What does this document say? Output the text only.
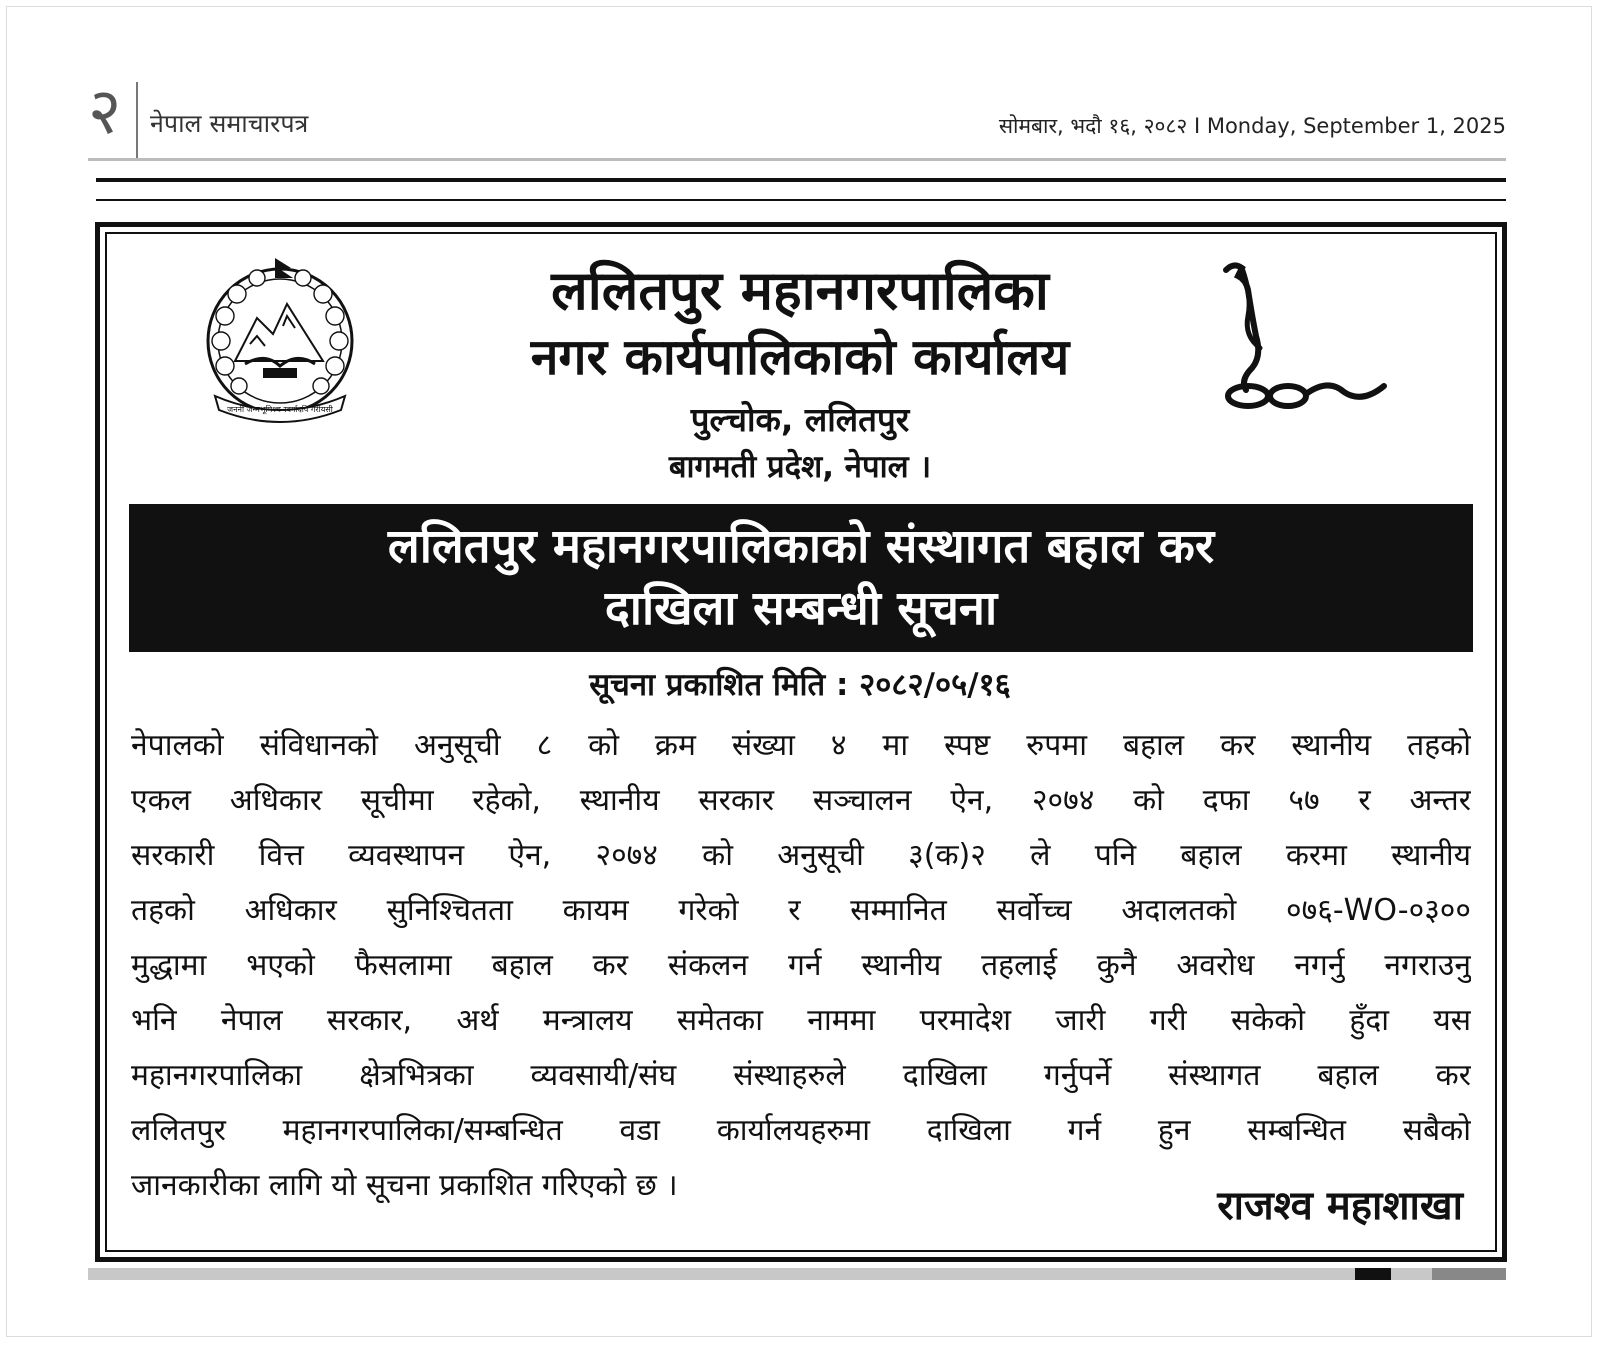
२ नेपाल समाचारपत्र	सोमबार, भदौ १६, २०८२ I Monday, September 1, 2025
जननी जन्मभूमिश्च स्वर्गादपि गरीयसी
ललितपुर महानगरपालिका
नगर कार्यपालिकाको कार्यालय
पुल्चोक, ललितपुर
बागमती प्रदेश, नेपाल ।
ललितपुर महानगरपालिकाको संस्थागत बहाल कर
दाखिला सम्बन्धी सूचना
सूचना प्रकाशित मिति : २०८२/०५/१६
नेपालको संविधानको अनुसूची ८ को क्रम संख्या ४ मा स्पष्ट रुपमा बहाल कर स्थानीय तहको
एकल अधिकार सूचीमा रहेको, स्थानीय सरकार सञ्चालन ऐन, २०७४ को दफा ५७ र अन्तर
सरकारी वित्त व्यवस्थापन ऐन, २०७४ को अनुसूची ३(क)२ ले पनि बहाल करमा स्थानीय
तहको अधिकार सुनिश्चितता कायम गरेको र सम्मानित सर्वोच्च अदालतको ०७६-WO-०३००
मुद्धामा भएको फैसलामा बहाल कर संकलन गर्न स्थानीय तहलाई कुनै अवरोध नगर्नु नगराउनु
भनि नेपाल सरकार, अर्थ मन्त्रालय समेतका नाममा परमादेश जारी गरी सकेको हुँदा यस
महानगरपालिका क्षेत्रभित्रका व्यवसायी/संघ संस्थाहरुले दाखिला गर्नुपर्ने संस्थागत बहाल कर
ललितपुर महानगरपालिका/सम्बन्धित वडा कार्यालयहरुमा दाखिला गर्न हुन सम्बन्धित सबैको
जानकारीका लागि यो सूचना प्रकाशित गरिएको छ ।	राजश्व महाशाखा
